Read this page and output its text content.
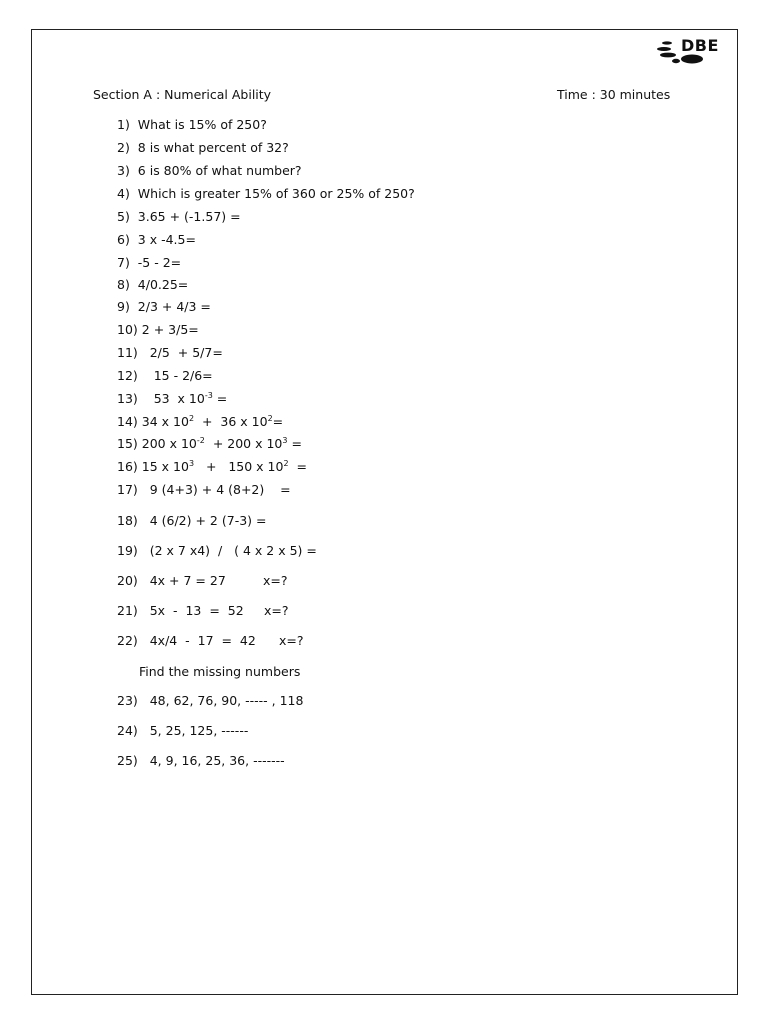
DBE
Section A : Numerical Ability	Time : 30 minutes
1) What is 15% of 250?
2) 8 is what percent of 32?
3) 6 is 80% of what number?
4) Which is greater 15% of 360 or 25% of 250?
5) 3.65 + (-1.57) =
6) 3 x -4.5=
7) -5 - 2=
8) 4/0.25=
9) 2/3 + 4/3 =
10) 2 + 3/5=
11) 2/5  + 5/7=
12) 15 - 2/6=
13) 53  x $10^{-3}$ =
14) 34 x $10^2 + 36$ x $10^2=$
15) 200 x $10^{-2} + 200$ x $10^3$ =
16) 15 x $10^3 + 150$ x $10^2$  =
17) 9 (4+3) + 4 (8+2)    =
18) 4 (6/2) + 2 (7-3) =
19) (2 x 7 x4)  /   ( 4 x 2 x 5) =
20) 4x + 7 = 27	x=?
21) 5x  -  13  =  52 x=?
22) 4x/4  -  17  =  42 x=?
Find the missing numbers
23) 48, 62, 76, 90, ----- , 118
24) 5, 25, 125, ------
25) 4, 9, 16, 25, 36, -------
